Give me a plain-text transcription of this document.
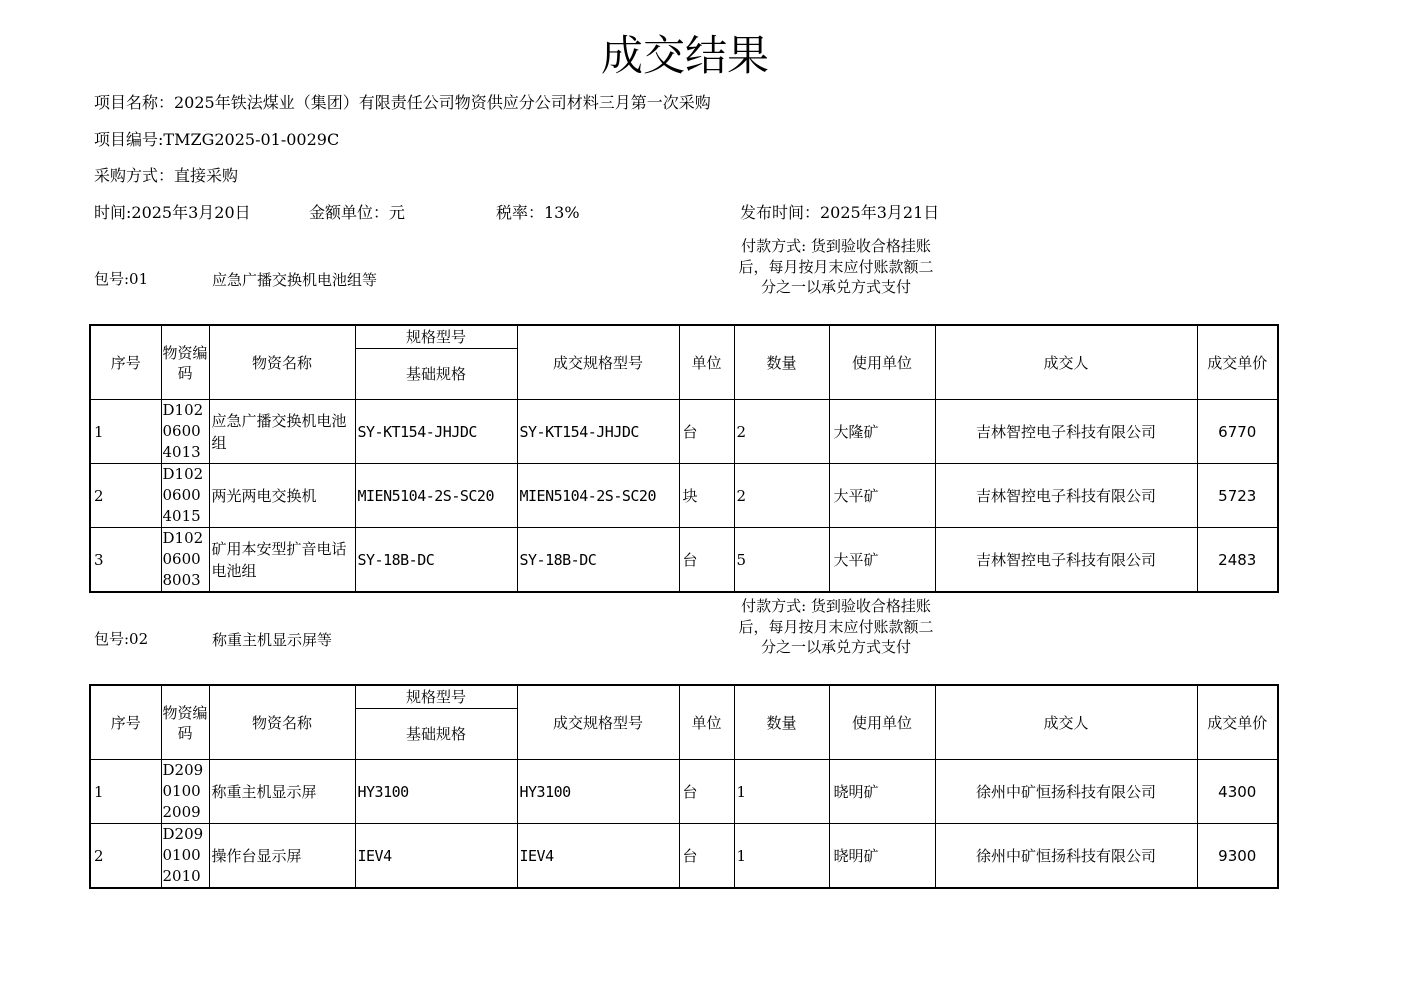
成交结果
项目名称：2025年铁法煤业（集团）有限责任公司物资供应分公司材料三月第一次采购
项目编号:TMZG2025-01-0029C
采购方式：直接采购
时间:2025年3月20日	金额单位：元	税率：13%	发布时间：2025年3月21日
包号:01	应急广播交换机电池组等
付款方式: 货到验收合格挂账后，每月按月末应付账款额二分之一以承兑方式支付
序号	物资编码	物资名称	规格型号	成交规格型号	单位	数量	使用单位	成交人	成交单价
			基础规格						
1	D10206004013	应急广播交换机电池组	SY-KT154-JHJDC	SY-KT154-JHJDC	台	2	大隆矿	吉林智控电子科技有限公司	6770
2	D10206004015	两光两电交换机	MIEN5104-2S-SC20	MIEN5104-2S-SC20	块	2	大平矿	吉林智控电子科技有限公司	5723
3	D10206008003	矿用本安型扩音电话电池组	SY-18B-DC	SY-18B-DC	台	5	大平矿	吉林智控电子科技有限公司	2483
包号:02	称重主机显示屏等
付款方式: 货到验收合格挂账后，每月按月末应付账款额二分之一以承兑方式支付
序号	物资编码	物资名称	规格型号	成交规格型号	单位	数量	使用单位	成交人	成交单价
			基础规格						
1	D20901002009	称重主机显示屏	HY3100	HY3100	台	1	晓明矿	徐州中矿恒扬科技有限公司	4300
2	D20901002010	操作台显示屏	IEV4	IEV4	台	1	晓明矿	徐州中矿恒扬科技有限公司	9300
